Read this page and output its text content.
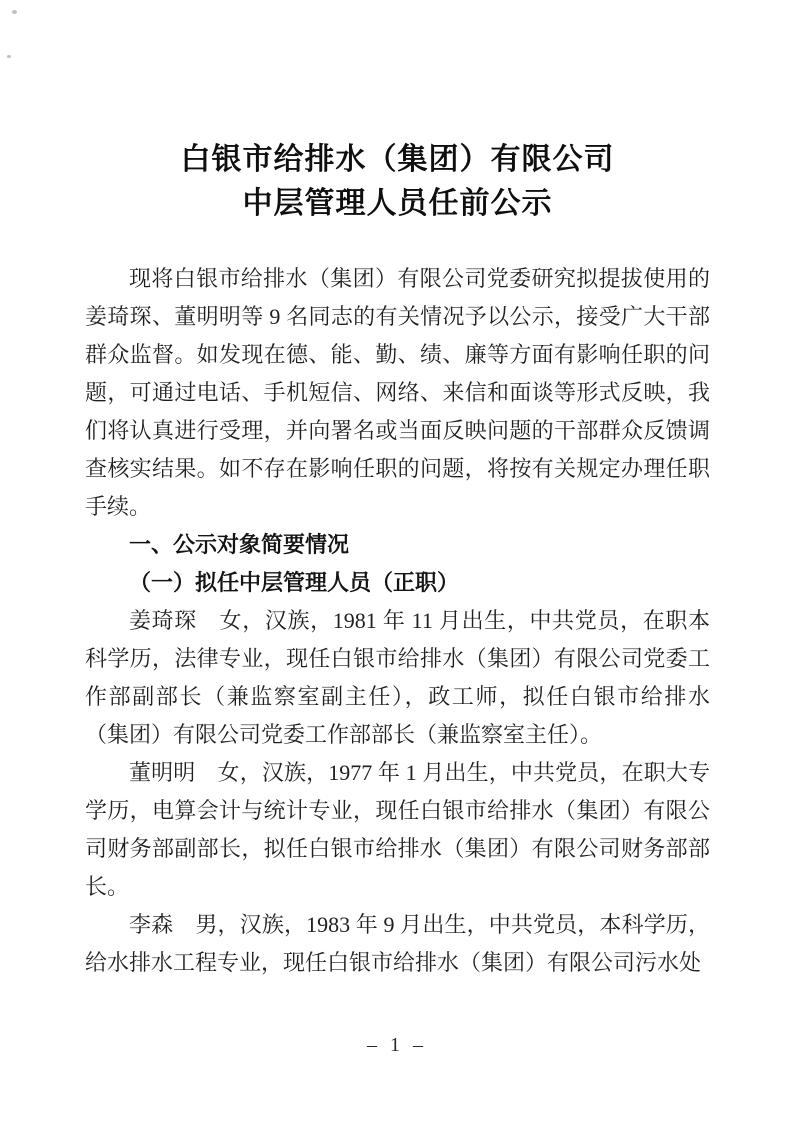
白银市给排水（集团）有限公司
中层管理人员任前公示

现将白银市给排水（集团）有限公司党委研究拟提拔使用的姜琦琛、董明明等 9 名同志的有关情况予以公示，接受广大干部群众监督。如发现在德、能、勤、绩、廉等方面有影响任职的问题，可通过电话、手机短信、网络、来信和面谈等形式反映，我们将认真进行受理，并向署名或当面反映问题的干部群众反馈调查核实结果。如不存在影响任职的问题，将按有关规定办理任职手续。

一、公示对象简要情况

（一）拟任中层管理人员（正职）

姜琦琛　女，汉族，1981 年 11 月出生，中共党员，在职本科学历，法律专业，现任白银市给排水（集团）有限公司党委工作部副部长（兼监察室副主任），政工师，拟任白银市给排水（集团）有限公司党委工作部部长（兼监察室主任）。

董明明　女，汉族，1977 年 1 月出生，中共党员，在职大专学历，电算会计与统计专业，现任白银市给排水（集团）有限公司财务部副部长，拟任白银市给排水（集团）有限公司财务部部长。

李森　男，汉族，1983 年 9 月出生，中共党员，本科学历，给水排水工程专业，现任白银市给排水（集团）有限公司污水处

– 1 –
